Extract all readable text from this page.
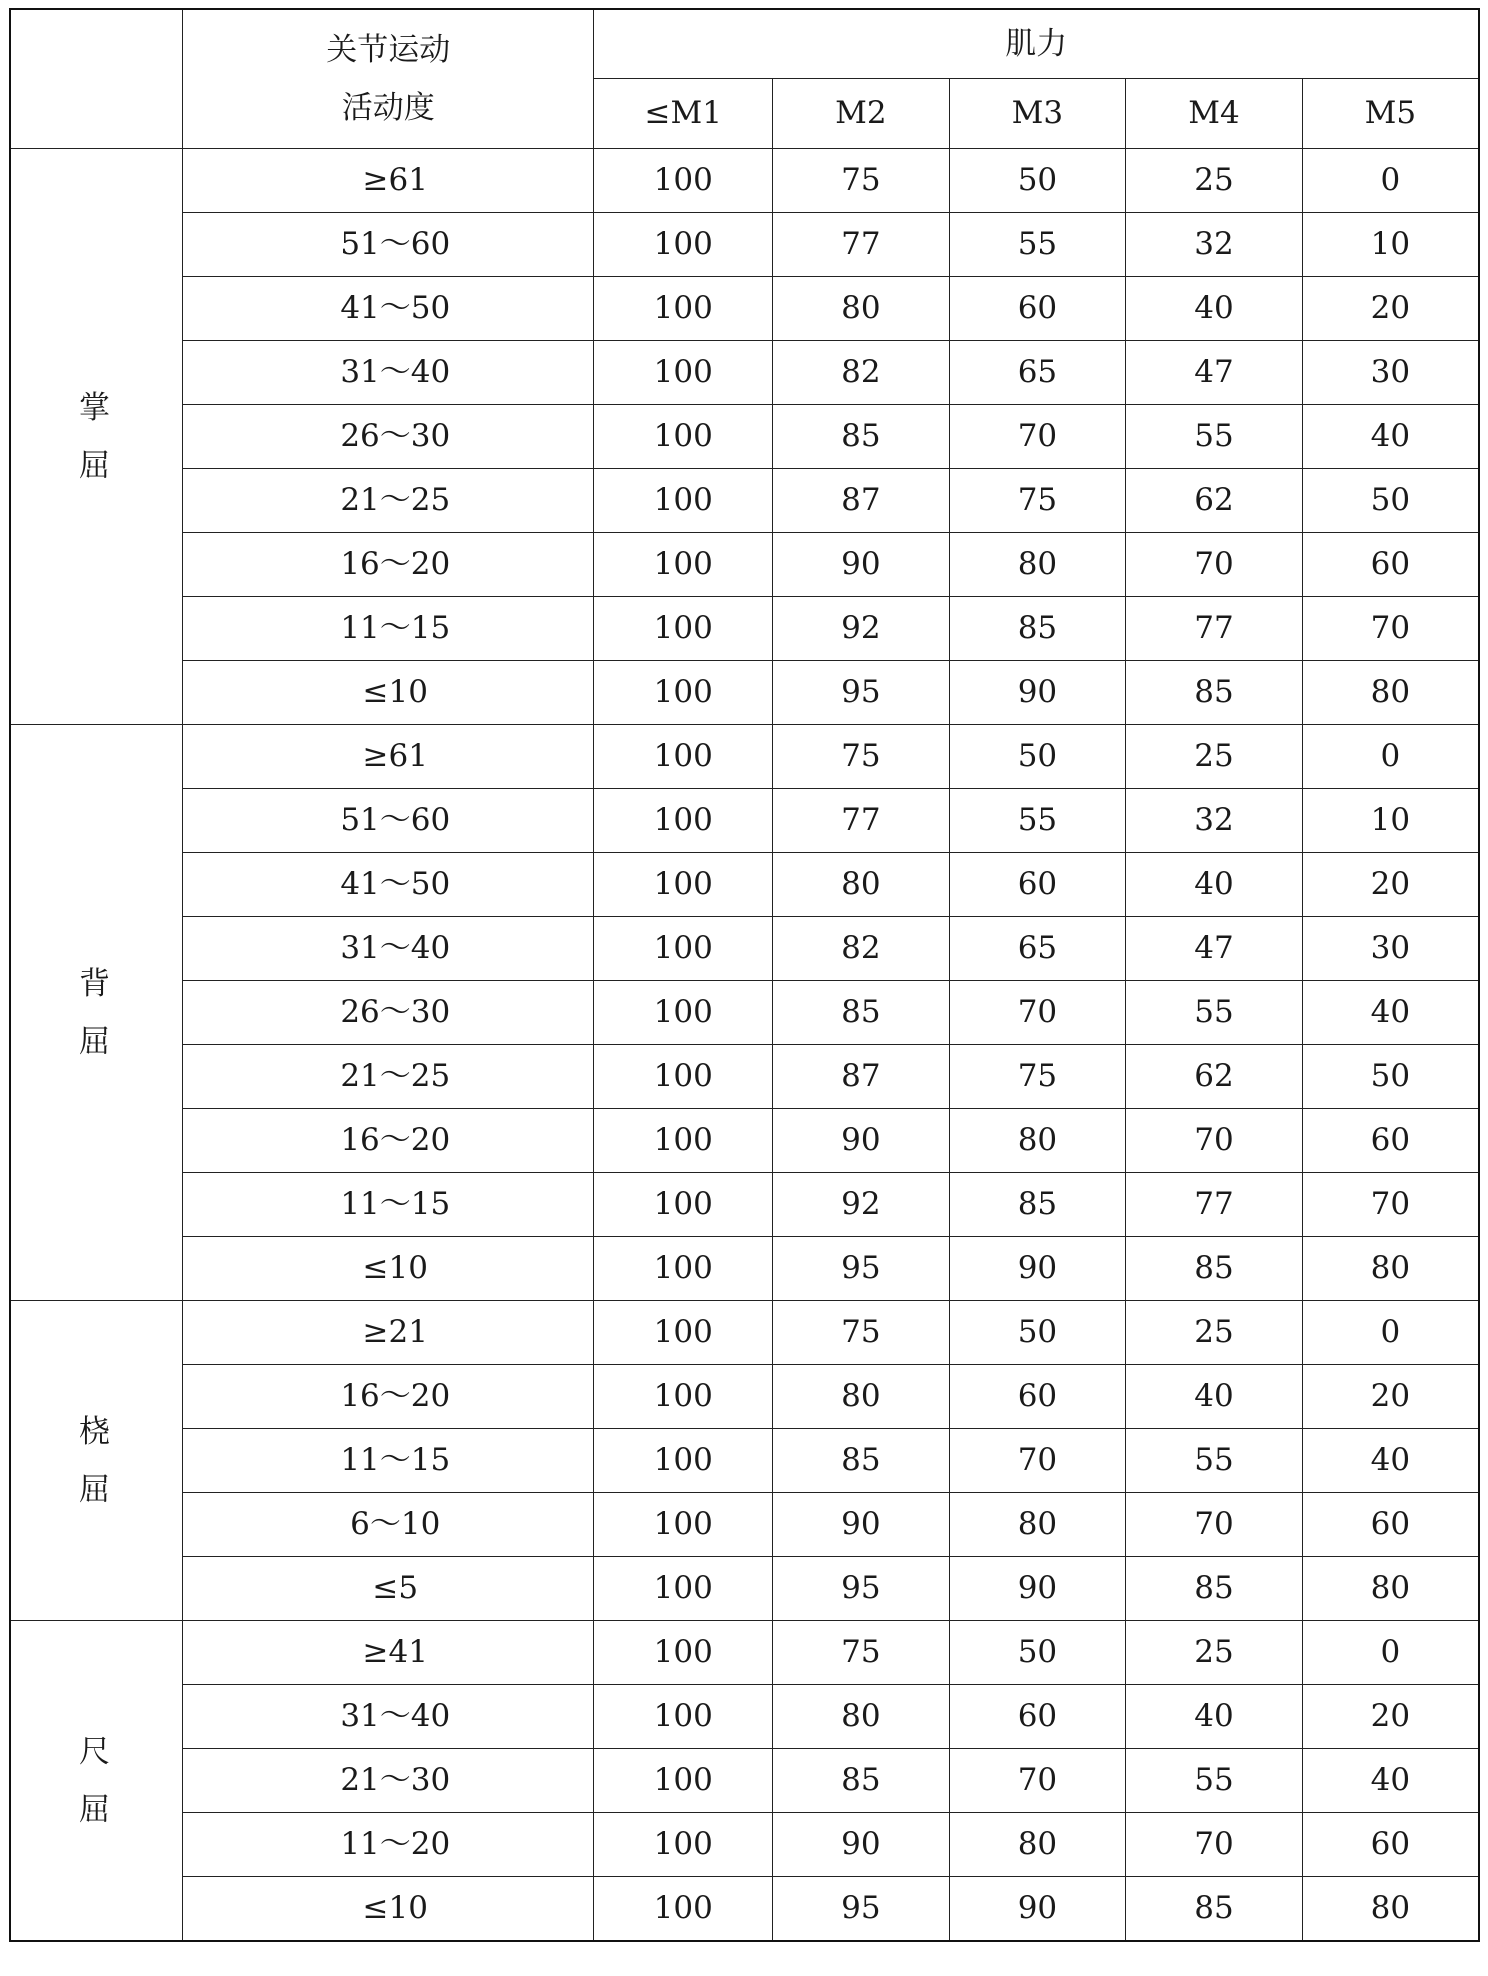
	关节运动
活动度	肌力				
		≤M1	M2	M3	M4	M5

掌
屈	≥61	100	75	50	25	0
	51～60	100	77	55	32	10
	41～50	100	80	60	40	20
	31～40	100	82	65	47	30
	26～30	100	85	70	55	40
	21～25	100	87	75	62	50
	16～20	100	90	80	70	60
	11～15	100	92	85	77	70
	≤10	100	95	90	85	80

背
屈	≥61	100	75	50	25	0
	51～60	100	77	55	32	10
	41～50	100	80	60	40	20
	31～40	100	82	65	47	30
	26～30	100	85	70	55	40
	21～25	100	87	75	62	50
	16～20	100	90	80	70	60
	11～15	100	92	85	77	70
	≤10	100	95	90	85	80

桡
屈	≥21	100	75	50	25	0
	16～20	100	80	60	40	20
	11～15	100	85	70	55	40
	6～10	100	90	80	70	60
	≤5	100	95	90	85	80

尺
屈	≥41	100	75	50	25	0
	31～40	100	80	60	40	20
	21～30	100	85	70	55	40
	11～20	100	90	80	70	60
	≤10	100	95	90	85	80
